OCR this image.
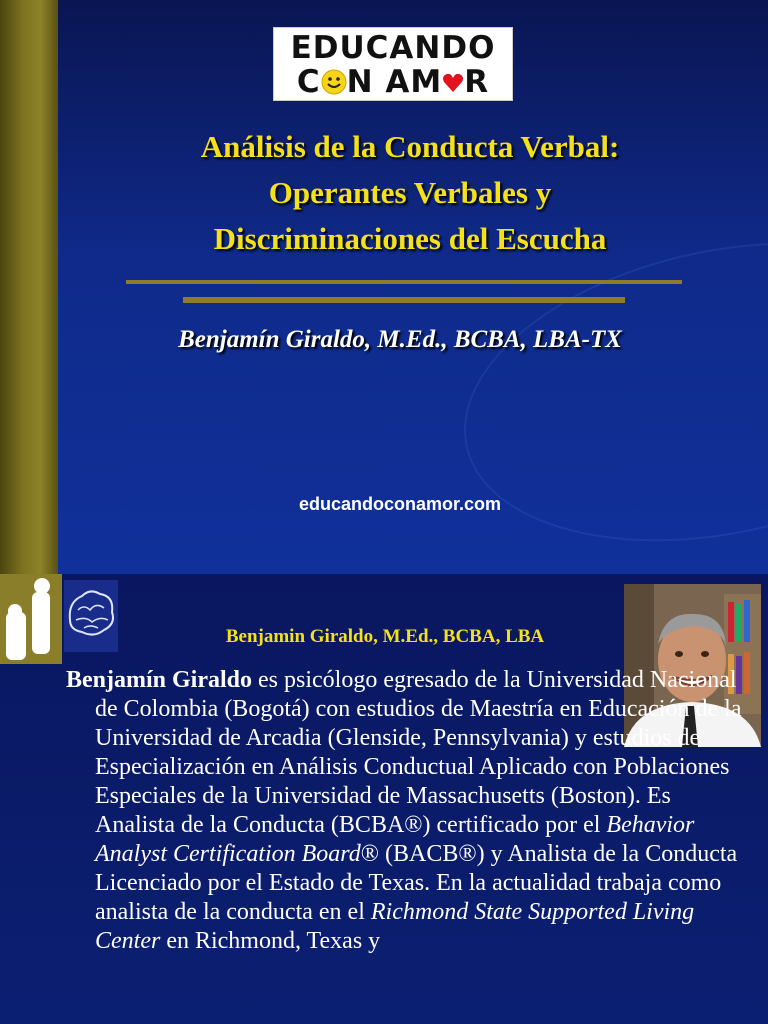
EDUCANDO
C N AM R
Análisis de la Conducta Verbal:
Operantes Verbales y
Discriminaciones del Escucha
Benjamín Giraldo, M.Ed., BCBA, LBA-TX
educandoconamor.com
Benjamin Giraldo, M.Ed., BCBA, LBA

Benjamín Giraldo es psicólogo egresado de la Universidad Nacional de Colombia (Bogotá) con estudios de Maestría en Educación de la Universidad de Arcadia (Glenside, Pennsylvania) y estudios de Especialización en Análisis Conductual Aplicado con Poblaciones Especiales de la Universidad de Massachusetts (Boston). Es Analista de la Conducta (BCBA®) certificado por el Behavior Analyst Certification Board® (BACB®) y Analista de la Conducta Licenciado por el Estado de Texas. En la actualidad trabaja como analista de la conducta en el Richmond State Supported Living Center en Richmond, Texas y
